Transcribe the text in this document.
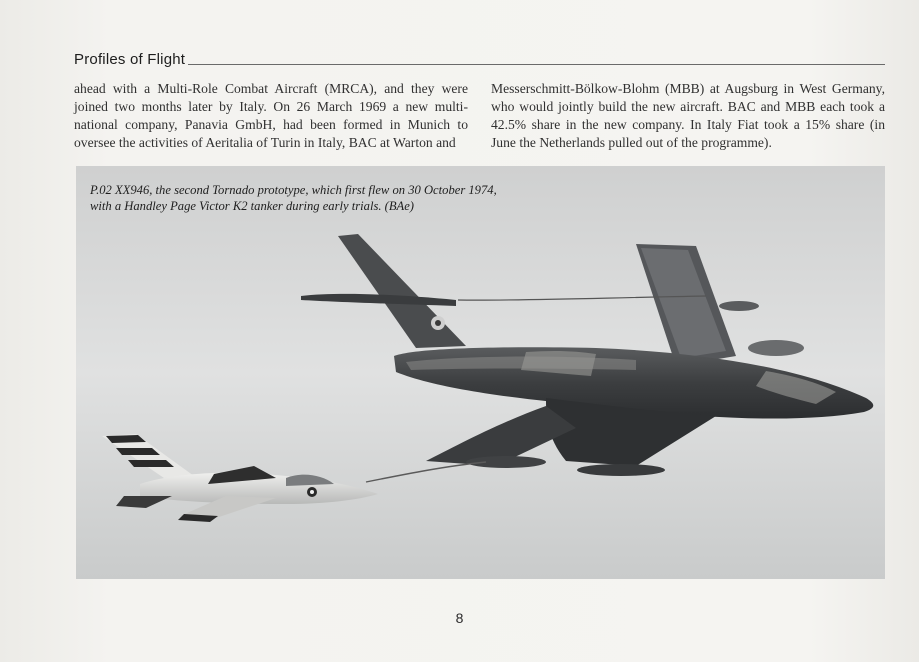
Profiles of Flight

ahead with a Multi-Role Combat Aircraft (MRCA), and they were joined two months later by Italy. On 26 March 1969 a new multi-national company, Panavia GmbH, had been formed in Munich to oversee the activities of Aeritalia of Turin in Italy, BAC at Warton and

Messerschmitt-Bölkow-Blohm (MBB) at Augsburg in West Germany, who would jointly build the new aircraft. BAC and MBB each took a 42.5% share in the new company. In Italy Fiat took a 15% share (in June the Netherlands pulled out of the programme).

P.02 XX946, the second Tornado prototype, which first flew on 30 October 1974,
with a Handley Page Victor K2 tanker during early trials. (BAe)
8
